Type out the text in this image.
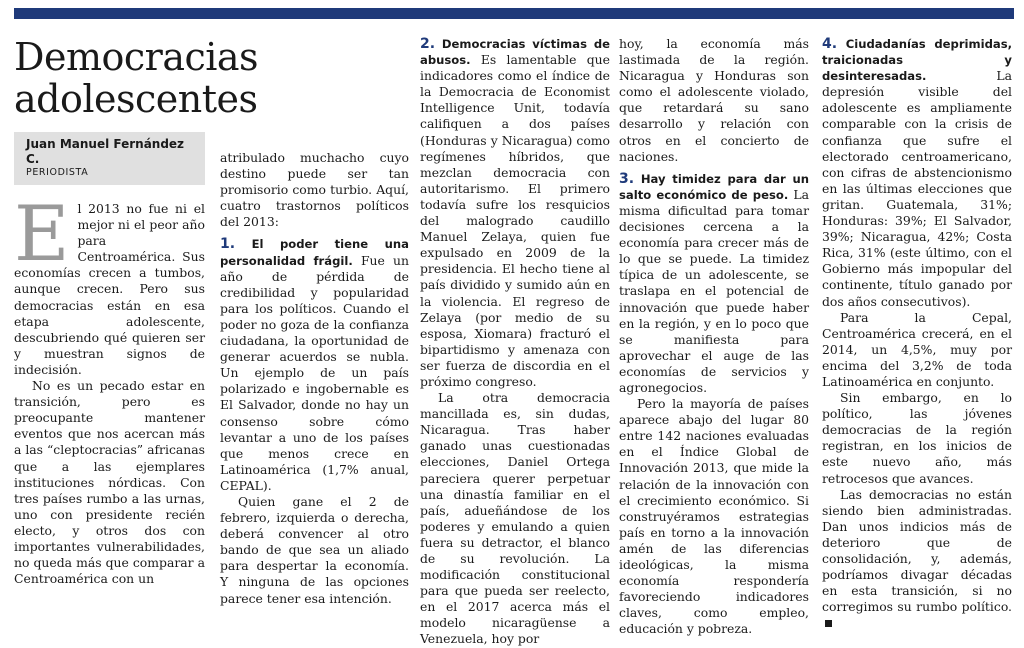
Democracias
adolescentes
Juan Manuel Fernández C.
PERIODISTA

El 2013 no fue ni el mejor ni el peor año para Centroamérica. Sus economías crecen a tumbos, aunque crecen. Pero sus democracias están en esa etapa adolescente, descubriendo qué quieren ser y muestran signos de indecisión.

No es un pecado estar en transición, pero es preocupante mantener eventos que nos acercan más a las “cleptocracias” africanas que a las ejemplares instituciones nórdicas. Con tres países rumbo a las urnas, uno con presidente recién electo, y otros dos con importantes vulnerabilidades, no queda más que comparar a Centroamérica con un

atribulado muchacho cuyo destino puede ser tan promisorio como turbio. Aquí, cuatro trastornos políticos del 2013:

1. El poder tiene una personalidad frágil. Fue un año de pérdida de credibilidad y popularidad para los políticos. Cuando el poder no goza de la confianza ciudadana, la oportunidad de generar acuerdos se nubla. Un ejemplo de un país polarizado e ingobernable es El Salvador, donde no hay un consenso sobre cómo levantar a uno de los países que menos crece en Latinoamérica (1,7% anual, CEPAL).

Quien gane el 2 de febrero, izquierda o derecha, deberá convencer al otro bando de que sea un aliado para despertar la economía. Y ninguna de las opciones parece tener esa intención.

2. Democracias víctimas de abusos. Es lamentable que indicadores como el índice de la Democracia de Economist Intelligence Unit, todavía califiquen a dos países (Honduras y Nicaragua) como regímenes híbridos, que mezclan democracia con autoritarismo. El primero todavía sufre los resquicios del malogrado caudillo Manuel Zelaya, quien fue expulsado en 2009 de la presidencia. El hecho tiene al país dividido y sumido aún en la violencia. El regreso de Zelaya (por medio de su esposa, Xiomara) fracturó el bipartidismo y amenaza con ser fuerza de discordia en el próximo congreso.

La otra democracia mancillada es, sin dudas, Nicaragua. Tras haber ganado unas cuestionadas elecciones, Daniel Ortega pareciera querer perpetuar una dinastía familiar en el país, adueñándose de los poderes y emulando a quien fuera su detractor, el blanco de su revolución. La modificación constitucional para que pueda ser reelecto, en el 2017 acerca más el modelo nicaragüense a Venezuela, hoy por

hoy, la economía más lastimada de la región. Nicaragua y Honduras son como el adolescente violado, que retardará su sano desarrollo y relación con otros en el concierto de naciones.

3. Hay timidez para dar un salto económico de peso. La misma dificultad para tomar decisiones cercena a la economía para crecer más de lo que se puede. La timidez típica de un adolescente, se traslapa en el potencial de innovación que puede haber en la región, y en lo poco que se manifiesta para aprovechar el auge de las economías de servicios y agronegocios.

Pero la mayoría de países aparece abajo del lugar 80 entre 142 naciones evaluadas en el Índice Global de Innovación 2013, que mide la relación de la innovación con el crecimiento económico. Si construyéramos estrategias país en torno a la innovación amén de las diferencias ideológicas, la misma economía respondería favoreciendo indicadores claves, como empleo, educación y pobreza.

4. Ciudadanías deprimidas, traicionadas y desinteresadas.	La depresión visible del adolescente es ampliamente comparable con la crisis de confianza que sufre el electorado centroamericano, con cifras de abstencionismo en las últimas elecciones que gritan. Guatemala, 31%; Honduras: 39%; El Salvador, 39%; Nicaragua, 42%; Costa Rica, 31% (este último, con el Gobierno más impopular del continente, título ganado por dos años consecutivos).

Para la Cepal, Centroamérica crecerá, en el 2014, un 4,5%, muy por encima del 3,2% de toda Latinoamérica en conjunto.

Sin embargo, en lo político, las jóvenes democracias de la región registran, en los inicios de este nuevo año, más retrocesos que avances.

Las democracias no están siendo bien administradas. Dan unos indicios más de deterioro que de consolidación, y, además, podríamos divagar décadas en esta transición, si no corregimos su rumbo político.
